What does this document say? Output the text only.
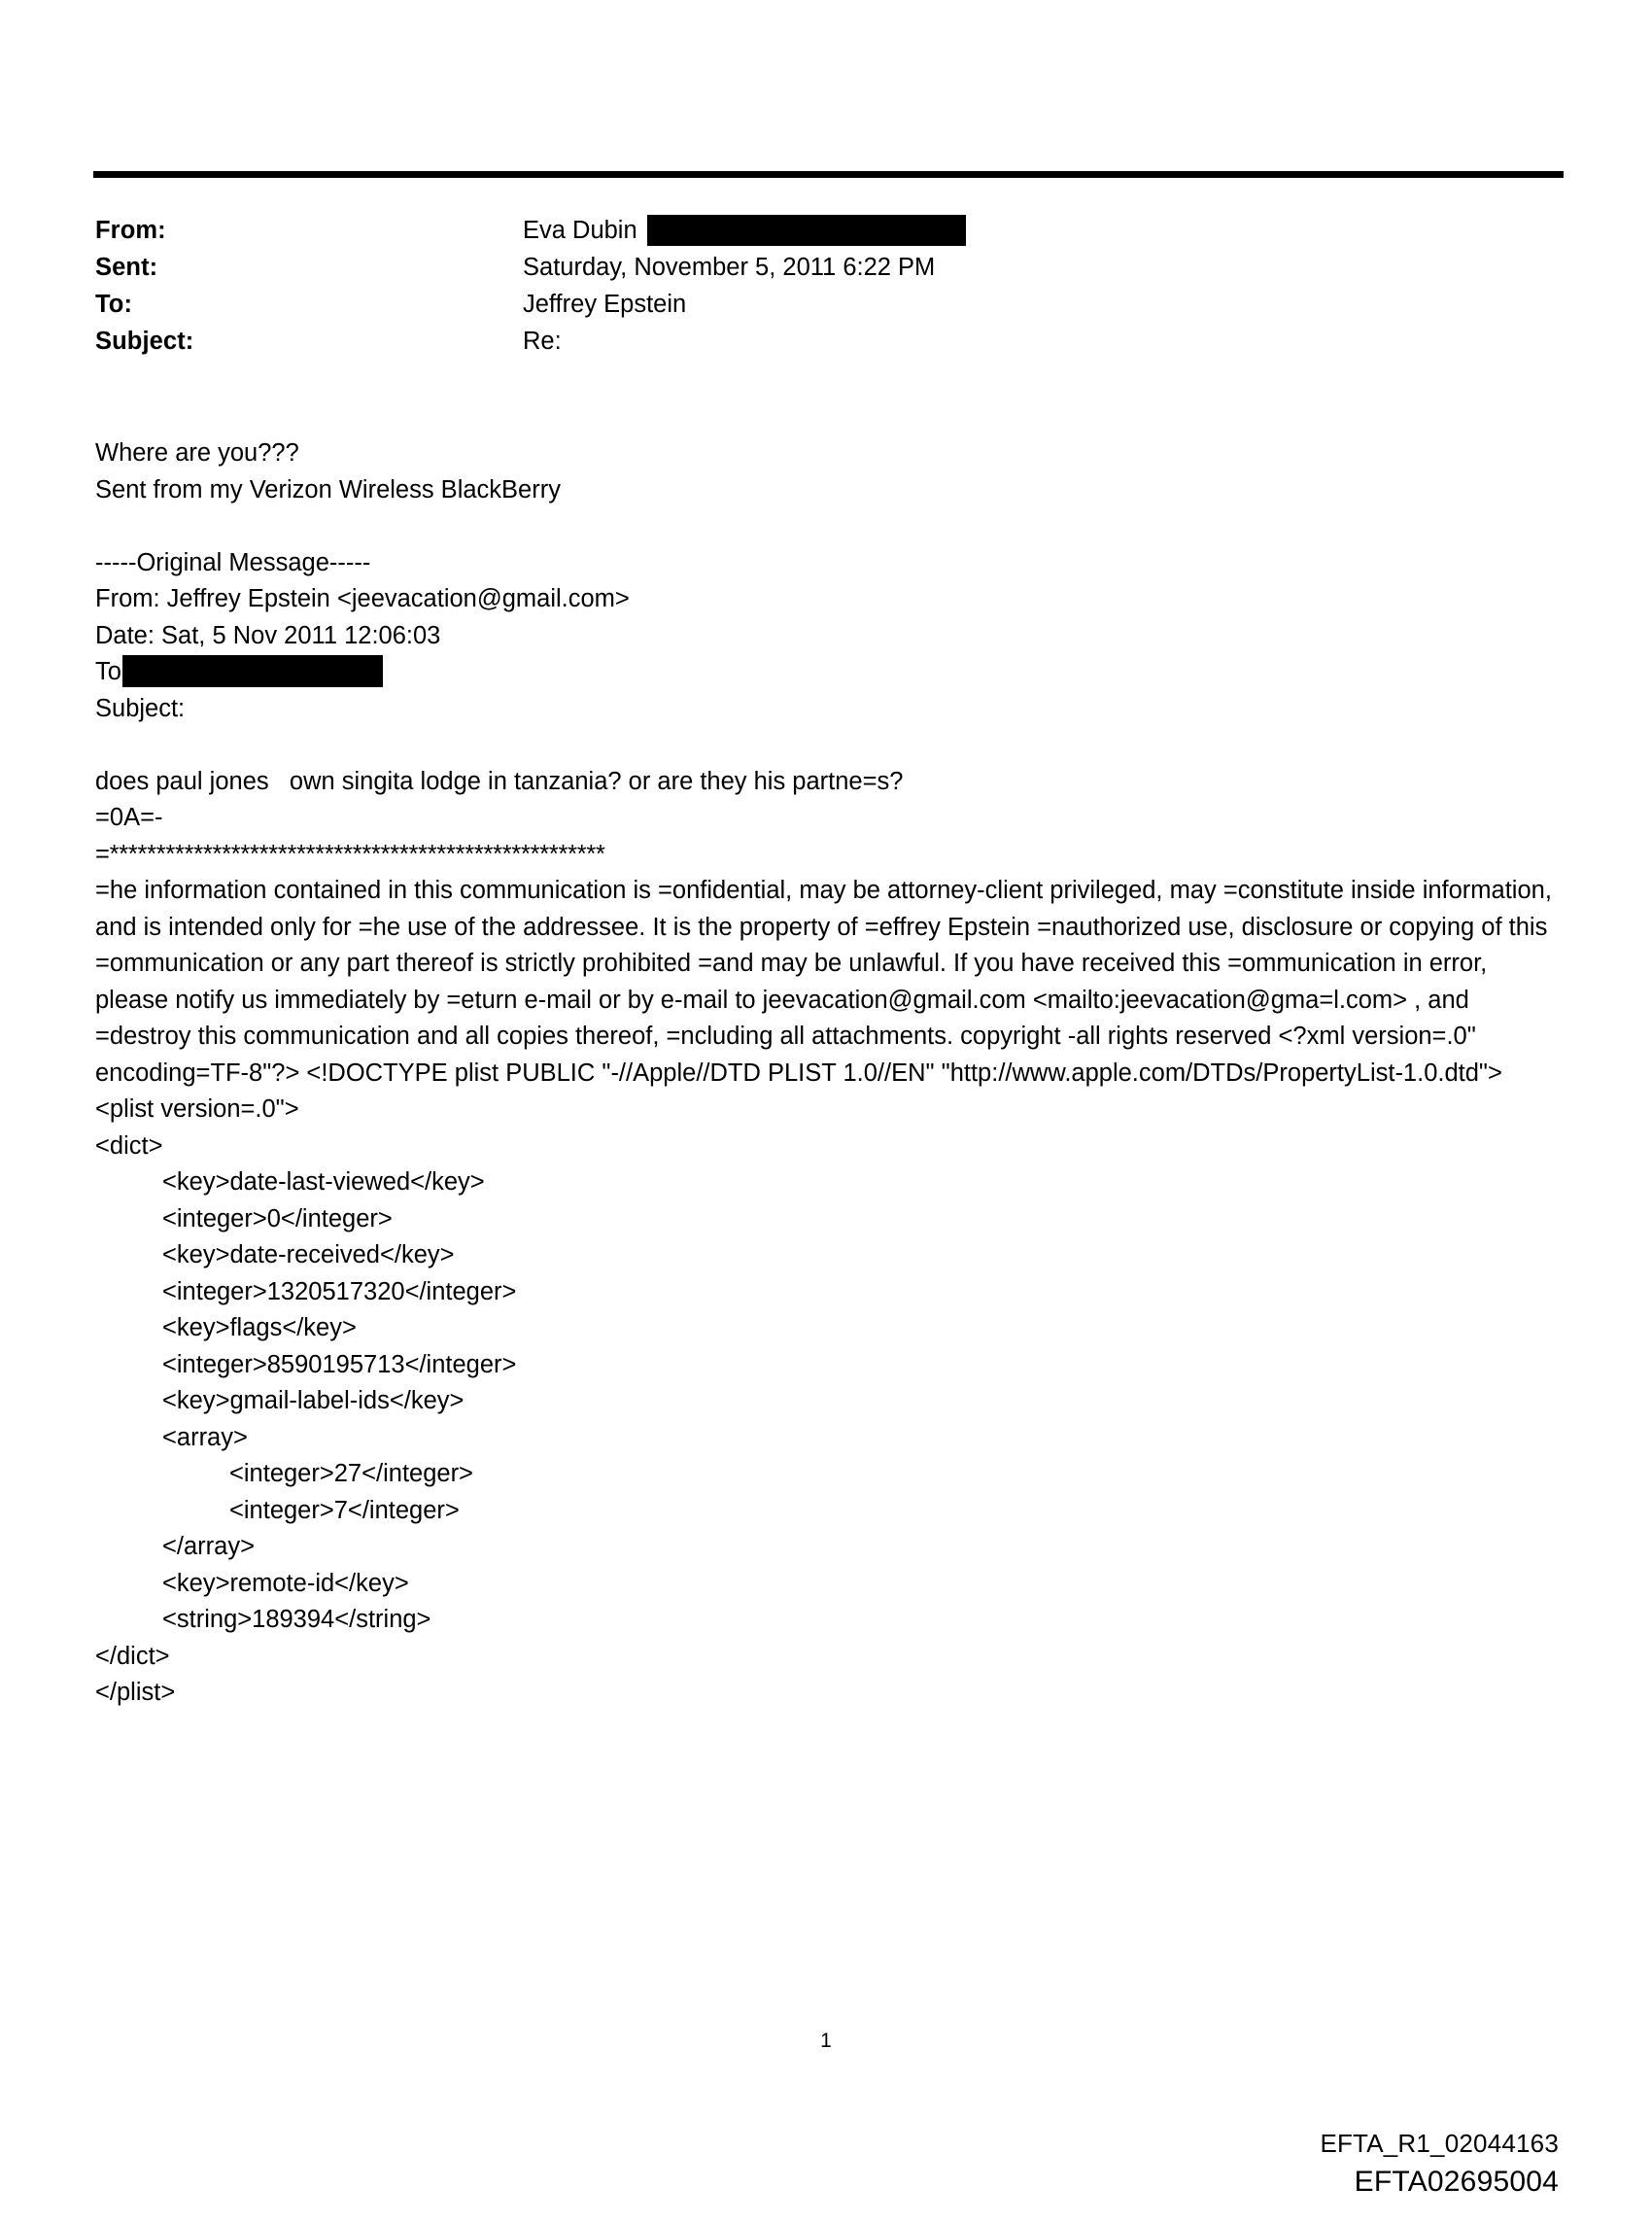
From:	Eva Dubin
Sent:	Saturday, November 5, 2011 6:22 PM
To:	Jeffrey Epstein
Subject:	Re:
Where are you???
Sent from my Verizon Wireless BlackBerry
-----Original Message-----
From: Jeffrey Epstein <jeevacation@gmail.com>
Date: Sat, 5 Nov 2011 12:06:03
To
Subject:
does paul jones   own singita lodge in tanzania? or are they his partne=s?
=0A=-
=*****************************************************
=he information contained in this communication is =onfidential, may be attorney-client privileged, may =constitute inside information, and is intended only for =he use of the addressee. It is the property of =effrey Epstein =nauthorized use, disclosure or copying of this =ommunication or any part thereof is strictly prohibited =and may be unlawful. If you have received this =ommunication in error, please notify us immediately by =eturn e-mail or by e-mail to jeevacation@gmail.com <mailto:jeevacation@gma=l.com> , and =destroy this communication and all copies thereof, =ncluding all attachments. copyright -all rights reserved <?xml version=.0" encoding=TF-8"?> <!DOCTYPE plist PUBLIC "-//Apple//DTD PLIST 1.0//EN" "http://www.apple.com/DTDs/PropertyList-1.0.dtd">
<plist version=.0">
<dict>
<key>date-last-viewed</key>
<integer>0</integer>
<key>date-received</key>
<integer>1320517320</integer>
<key>flags</key>
<integer>8590195713</integer>
<key>gmail-label-ids</key>
<array>
<integer>27</integer>
<integer>7</integer>
</array>
<key>remote-id</key>
<string>189394</string>
</dict>
</plist>
1
EFTA_R1_02044163
EFTA02695004
